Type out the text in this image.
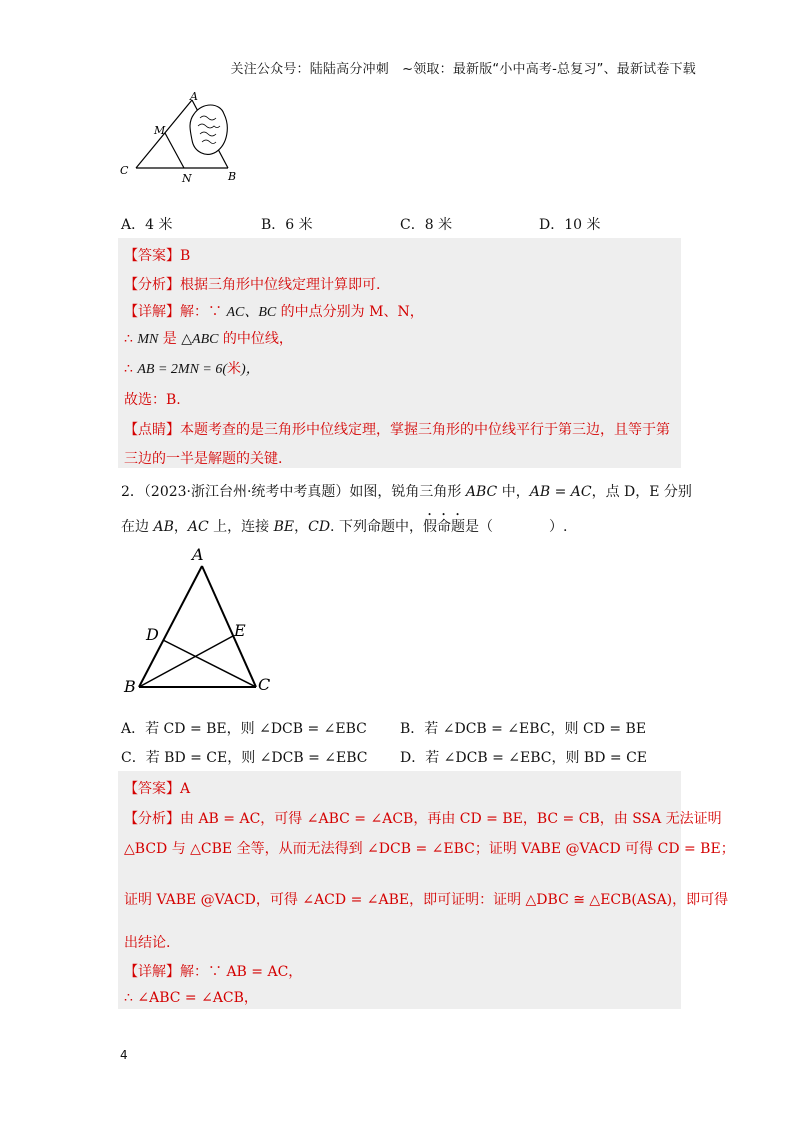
关注公众号：陆陆高分冲刺　~领取：最新版“小中高考-总复习”、最新试卷下载
A
M
C
N	B
A．4 米	B．6 米	C．8 米	D．10 米
【答案】B
【分析】根据三角形中位线定理计算即可.
【详解】解：∵ AC、BC 的中点分别为 M、N，
∴ MN 是 △ABC 的中位线，
∴ AB = 2MN = 6(米)，
故选：B.
【点睛】本题考查的是三角形中位线定理，掌握三角形的中位线平行于第三边，且等于第
三边的一半是解题的关键.
2．（2023·浙江台州·统考中考真题）如图，锐角三角形 ABC 中，AB = AC，点 D，E 分别
在边 AB，AC 上，连接 BE，CD. 下列命题中，假命题是（　　　　）.
A
D	E
B	C
A．若 CD = BE，则 ∠DCB = ∠EBC B．若 ∠DCB = ∠EBC，则 CD = BE
C．若 BD = CE，则 ∠DCB = ∠EBC D．若 ∠DCB = ∠EBC，则 BD = CE
【答案】A
【分析】由 AB = AC，可得 ∠ABC = ∠ACB，再由 CD = BE，BC = CB，由 SSA 无法证明
△BCD 与 △CBE 全等，从而无法得到 ∠DCB = ∠EBC；证明 VABE @VACD 可得 CD = BE；
证明 VABE @VACD，可得 ∠ACD = ∠ABE，即可证明：证明 △DBC ≅ △ECB(ASA)，即可得
出结论.
【详解】解：∵ AB = AC，
∴ ∠ABC = ∠ACB，
4
